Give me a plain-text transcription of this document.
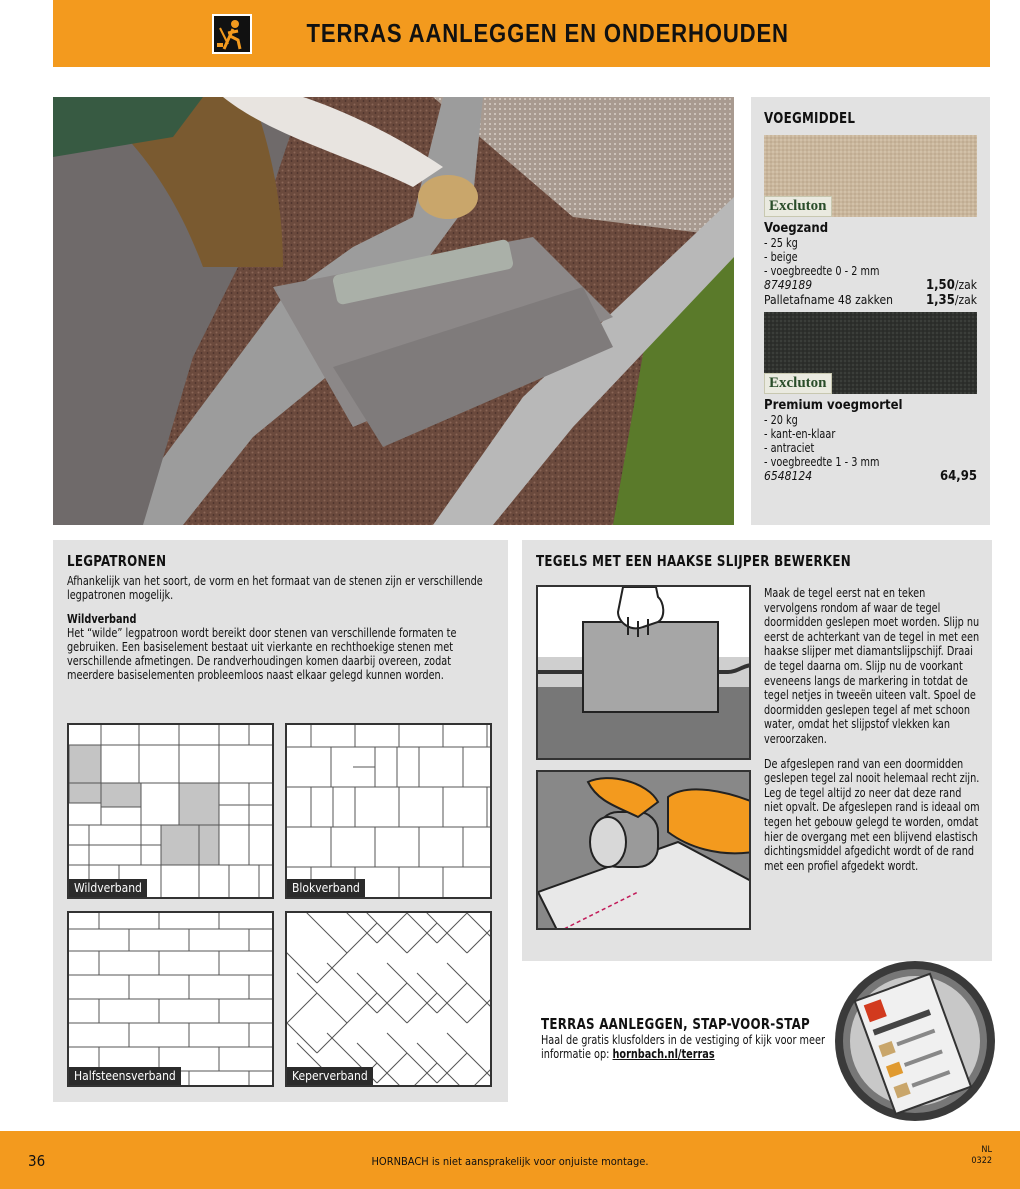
TERRAS AANLEGGEN EN ONDERHOUDEN
VOEGMIDDEL
Excluton
Voegzand
- 25 kg
- beige
- voegbreedte 0 - 2 mm
8749189	1,50/zak
Palletafname 48 zakken	1,35/zak
Excluton
Premium voegmortel
- 20 kg
- kant-en-klaar
- antraciet
- voegbreedte 1 - 3 mm
6548124	64,95
LEGPATRONEN
Afhankelijk van het soort, de vorm en het formaat van de stenen zijn er verschillende legpatronen mogelijk.
Wildverband
Het “wilde” legpatroon wordt bereikt door stenen van verschillende formaten te gebruiken. Een basiselement bestaat uit vierkante en rechthoekige stenen met verschillende afmetingen. De randverhoudingen komen daarbij overeen, zodat meerdere basiselementen probleemloos naast elkaar gelegd kunnen worden.
Wildverband	Blokverband
Halfsteensverband	Keperverband
TEGELS MET EEN HAAKSE SLIJPER BEWERKEN

Maak de tegel eerst nat en teken vervolgens rondom af waar de tegel doormidden geslepen moet worden. Slijp nu eerst de achterkant van de tegel in met een haakse slijper met diamantslijpschijf. Draai de tegel daarna om. Slijp nu de voorkant eveneens langs de markering in totdat de tegel netjes in tweeën uiteen valt. Spoel de doormidden geslepen tegel af met schoon water, omdat het slijpstof vlekken kan veroorzaken.

De afgeslepen rand van een doormidden geslepen tegel zal nooit helemaal recht zijn. Leg de tegel altijd zo neer dat deze rand niet opvalt. De afgeslepen rand is ideaal om tegen het gebouw gelegd te worden, omdat hier de overgang met een blijvend elastisch dichtingsmiddel afgedicht wordt of de rand met een profiel afgedekt wordt.

TERRAS AANLEGGEN, STAP-VOOR-STAP
Haal de gratis klusfolders in de vestiging of kijk voor meer informatie op: hornbach.nl/terras
36	HORNBACH is niet aansprakelijk voor onjuiste montage.
NL
0322
